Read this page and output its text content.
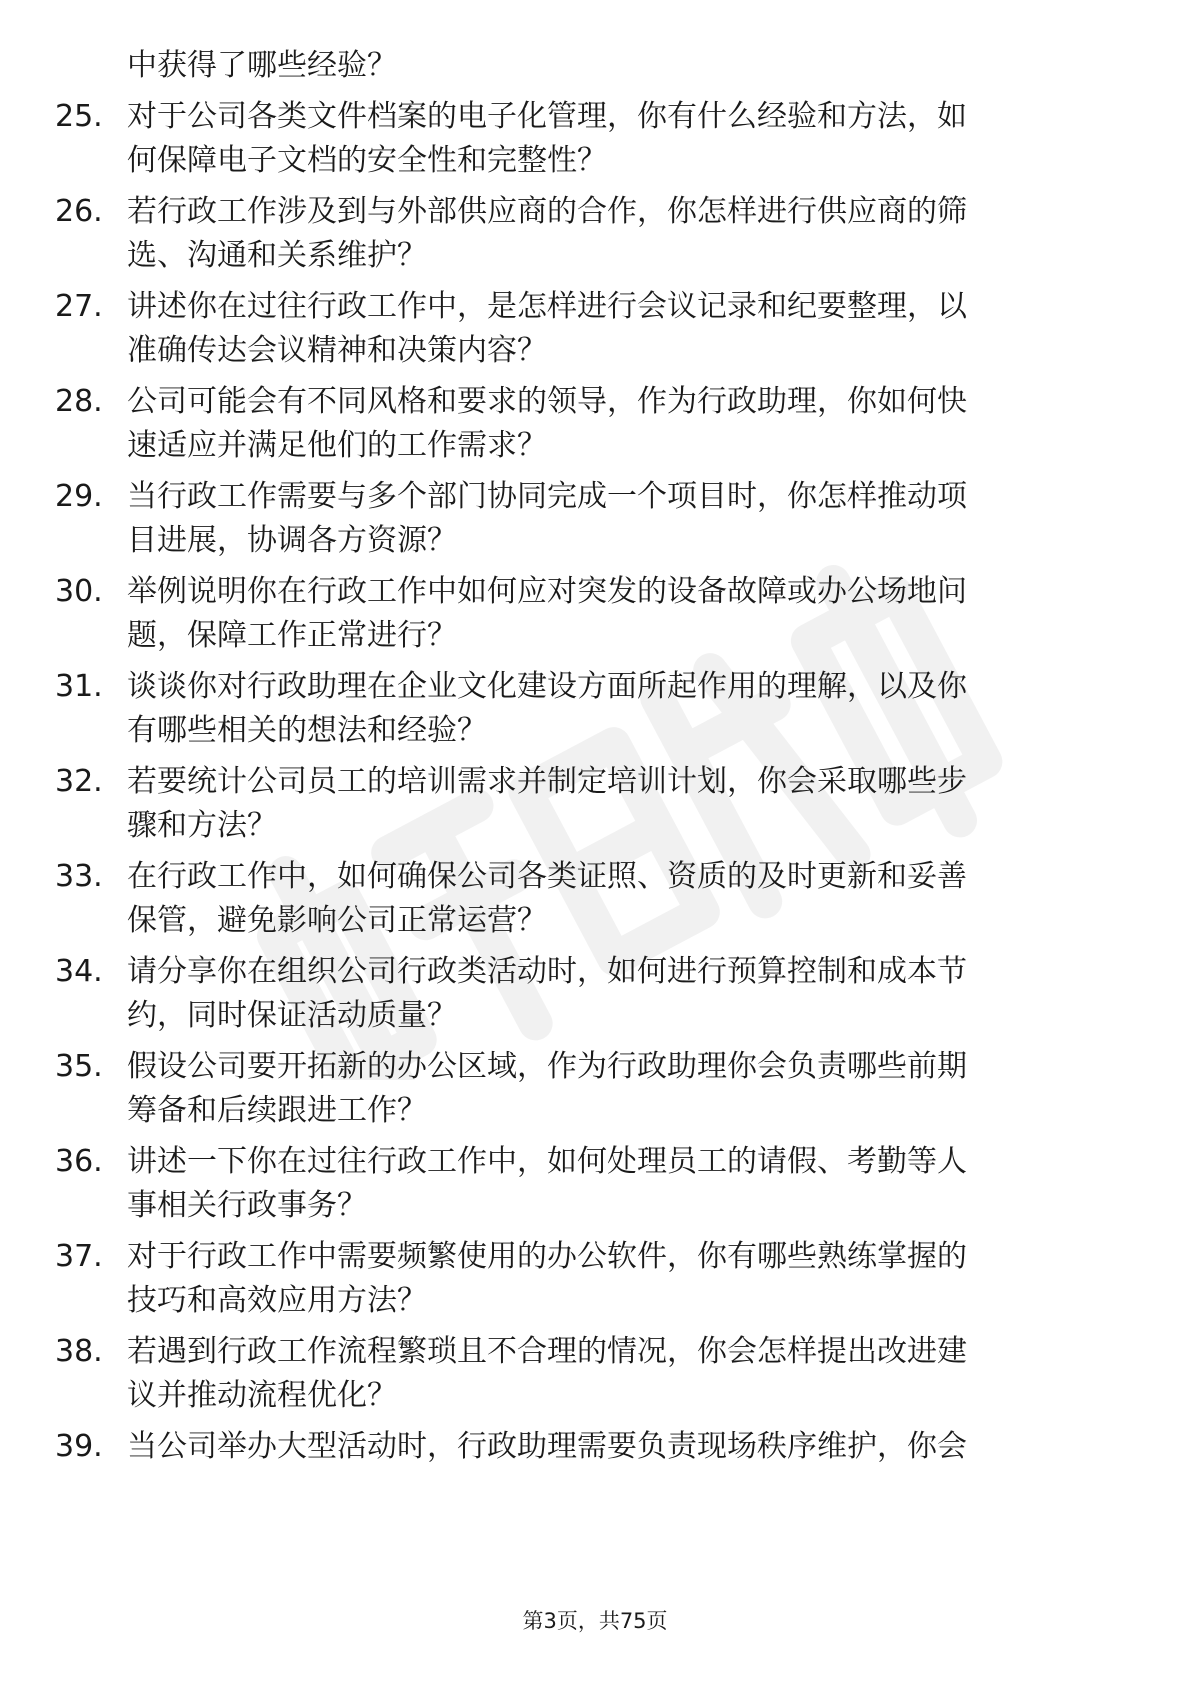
中获得了哪些经验？
25. 对于公司各类文件档案的电子化管理，你有什么经验和方法，如
何保障电子文档的安全性和完整性？
26. 若行政工作涉及到与外部供应商的合作，你怎样进行供应商的筛
选、沟通和关系维护？
27. 讲述你在过往行政工作中，是怎样进行会议记录和纪要整理，以
准确传达会议精神和决策内容？
28. 公司可能会有不同风格和要求的领导，作为行政助理，你如何快
速适应并满足他们的工作需求？
29. 当行政工作需要与多个部门协同完成一个项目时，你怎样推动项
目进展，协调各方资源？
30. 举例说明你在行政工作中如何应对突发的设备故障或办公场地问
题，保障工作正常进行？
31. 谈谈你对行政助理在企业文化建设方面所起作用的理解，以及你
有哪些相关的想法和经验？
32. 若要统计公司员工的培训需求并制定培训计划，你会采取哪些步
骤和方法？
33. 在行政工作中，如何确保公司各类证照、资质的及时更新和妥善
保管，避免影响公司正常运营？
34. 请分享你在组织公司行政类活动时，如何进行预算控制和成本节
约，同时保证活动质量？
35. 假设公司要开拓新的办公区域，作为行政助理你会负责哪些前期
筹备和后续跟进工作？
36. 讲述一下你在过往行政工作中，如何处理员工的请假、考勤等人
事相关行政事务？
37. 对于行政工作中需要频繁使用的办公软件，你有哪些熟练掌握的
技巧和高效应用方法？
38. 若遇到行政工作流程繁琐且不合理的情况，你会怎样提出改进建
议并推动流程优化？
39. 当公司举办大型活动时，行政助理需要负责现场秩序维护，你会
第3页，共75页
